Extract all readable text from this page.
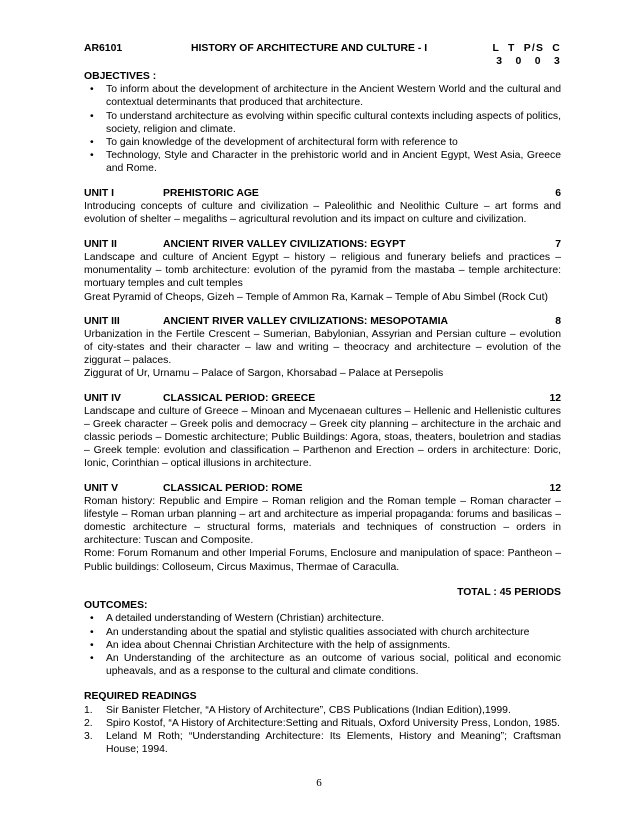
AR6101	HISTORY OF ARCHITECTURE AND CULTURE - I	L  T  P/S  C
3   0   0   3
OBJECTIVES :
• To inform about the development of architecture in the Ancient Western World and the cultural and contextual determinants that produced that architecture.
• To understand architecture as evolving within specific cultural contexts including aspects of politics, society, religion and climate.
• To gain knowledge of the development of architectural form with reference to
• Technology, Style and Character in the prehistoric world and in Ancient Egypt, West Asia, Greece and Rome.
UNIT I	PREHISTORIC AGE	6

Introducing concepts of culture and civilization – Paleolithic and Neolithic Culture – art forms and evolution of shelter – megaliths – agricultural revolution and its impact on culture and civilization.

UNIT II	ANCIENT RIVER VALLEY CIVILIZATIONS: EGYPT	7

Landscape and culture of Ancient Egypt – history – religious and funerary beliefs and practices – monumentality – tomb architecture: evolution of the pyramid from the mastaba – temple architecture: mortuary temples and cult temples

Great Pyramid of Cheops, Gizeh – Temple of Ammon Ra, Karnak – Temple of Abu Simbel (Rock Cut)

UNIT III	ANCIENT RIVER VALLEY CIVILIZATIONS: MESOPOTAMIA	8

Urbanization in the Fertile Crescent – Sumerian, Babylonian, Assyrian and Persian culture – evolution of city-states and their character – law and writing – theocracy and architecture – evolution of the ziggurat – palaces.

Ziggurat of Ur, Urnamu – Palace of Sargon, Khorsabad – Palace at Persepolis

UNIT IV	CLASSICAL PERIOD: GREECE	12

Landscape and culture of Greece – Minoan and Mycenaean cultures – Hellenic and Hellenistic cultures – Greek character – Greek polis and democracy – Greek city planning – architecture in the archaic and classic periods – Domestic architecture; Public Buildings: Agora, stoas, theaters, bouletrion and stadias – Greek temple: evolution and classification – Parthenon and Erection – orders in architecture: Doric, Ionic, Corinthian – optical illusions in architecture.

UNIT V	CLASSICAL PERIOD: ROME	12

Roman history: Republic and Empire – Roman religion and the Roman temple – Roman character – lifestyle – Roman urban planning – art and architecture as imperial propaganda: forums and basilicas – domestic architecture – structural forms, materials and techniques of construction – orders in architecture: Tuscan and Composite.

Rome: Forum Romanum and other Imperial Forums, Enclosure and manipulation of space: Pantheon – Public buildings: Colloseum, Circus Maximus, Thermae of Caraculla.

TOTAL : 45 PERIODS
OUTCOMES:
• A detailed understanding of Western (Christian) architecture.
• An understanding about the spatial and stylistic qualities associated with church architecture
• An idea about Chennai Christian Architecture with the help of assignments.
• An Understanding of the architecture as an outcome of various social, political and economic upheavals, and as a response to the cultural and climate conditions.
REQUIRED READINGS
1. Sir Banister Fletcher, “A History of Architecture”, CBS Publications (Indian Edition),1999.
2. Spiro Kostof, “A History of Architecture:Setting and Rituals, Oxford University Press, London, 1985.
3. Leland M Roth; “Understanding Architecture: Its Elements, History and Meaning”; Craftsman House; 1994.
6
